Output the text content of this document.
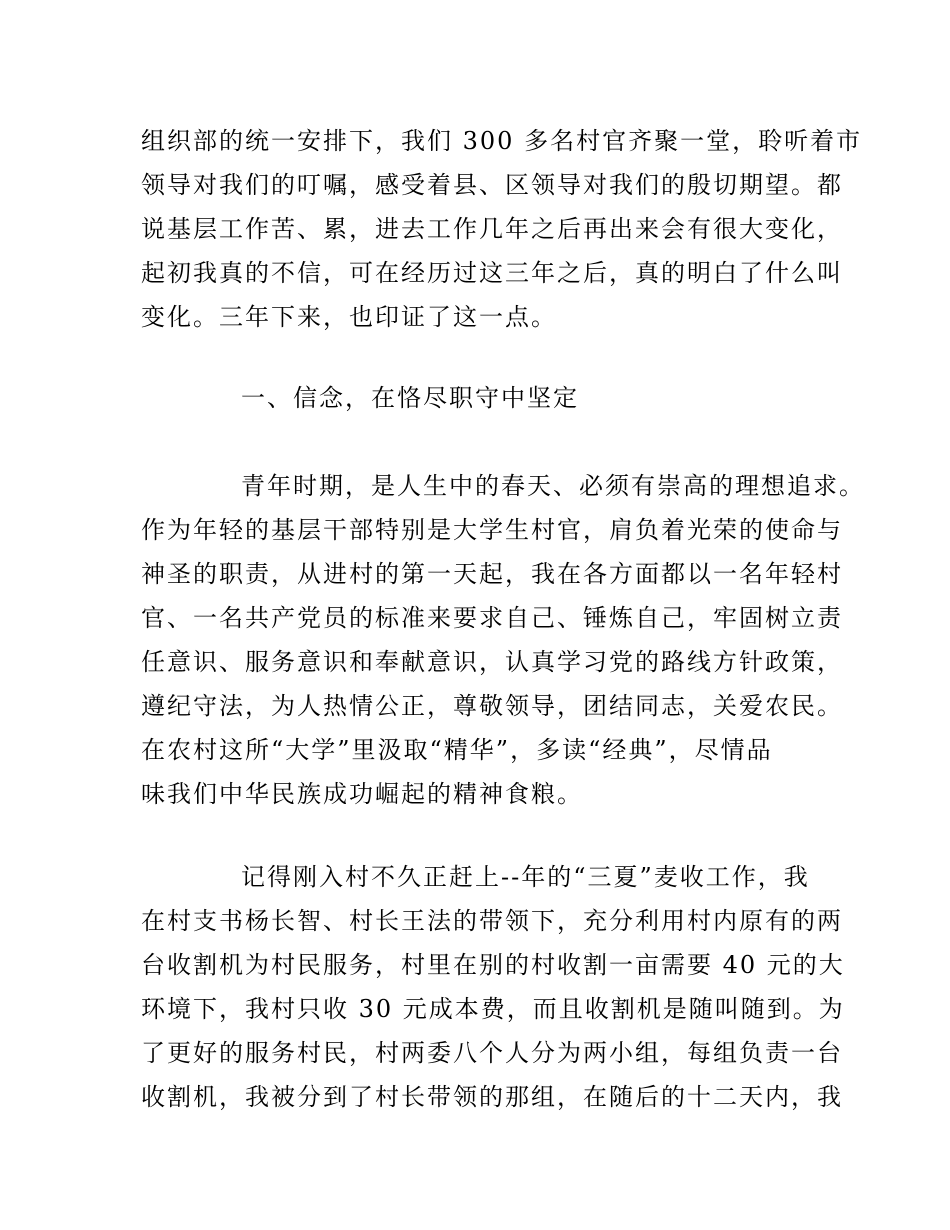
组织部的统一安排下，我们 300 多名村官齐聚一堂，聆听着市
领导对我们的叮嘱，感受着县、区领导对我们的殷切期望。都
说基层工作苦、累，进去工作几年之后再出来会有很大变化，
起初我真的不信，可在经历过这三年之后，真的明白了什么叫
变化。三年下来，也印证了这一点。
一、信念，在恪尽职守中坚定
青年时期，是人生中的春天、必须有崇高的理想追求。
作为年轻的基层干部特别是大学生村官，肩负着光荣的使命与
神圣的职责，从进村的第一天起，我在各方面都以一名年轻村
官、一名共产党员的标准来要求自己、锤炼自己，牢固树立责
任意识、服务意识和奉献意识，认真学习党的路线方针政策，
遵纪守法，为人热情公正，尊敬领导，团结同志，关爱农民。
在农村这所“大学”里汲取“精华”，多读“经典”，尽情品
味我们中华民族成功崛起的精神食粮。
记得刚入村不久正赶上--年的“三夏”麦收工作，我
在村支书杨长智、村长王法的带领下，充分利用村内原有的两
台收割机为村民服务，村里在别的村收割一亩需要 40 元的大
环境下，我村只收 30 元成本费，而且收割机是随叫随到。为
了更好的服务村民，村两委八个人分为两小组，每组负责一台
收割机，我被分到了村长带领的那组，在随后的十二天内，我
